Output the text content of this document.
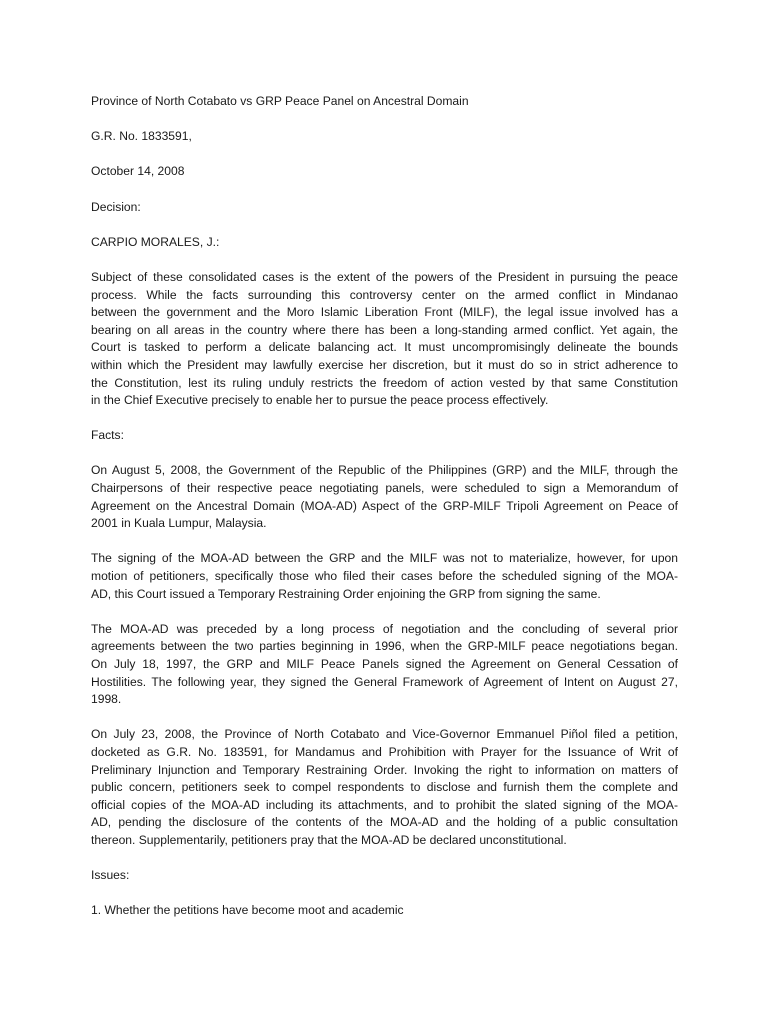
Province of North Cotabato vs GRP Peace Panel on Ancestral Domain

G.R. No. 1833591,

October 14, 2008

Decision:

CARPIO MORALES, J.:

Subject of these consolidated cases is the extent of the powers of the President in pursuing the peace
process. While the facts surrounding this controversy center on the armed conflict in Mindanao
between the government and the Moro Islamic Liberation Front (MILF), the legal issue involved has a
bearing on all areas in the country where there has been a long-standing armed conflict. Yet again, the
Court is tasked to perform a delicate balancing act. It must uncompromisingly delineate the bounds
within which the President may lawfully exercise her discretion, but it must do so in strict adherence to
the Constitution, lest its ruling unduly restricts the freedom of action vested by that same Constitution
in the Chief Executive precisely to enable her to pursue the peace process effectively.

Facts:

On August 5, 2008, the Government of the Republic of the Philippines (GRP) and the MILF, through the
Chairpersons of their respective peace negotiating panels, were scheduled to sign a Memorandum of
Agreement on the Ancestral Domain (MOA-AD) Aspect of the GRP-MILF Tripoli Agreement on Peace of
2001 in Kuala Lumpur, Malaysia.
The signing of the MOA-AD between the GRP and the MILF was not to materialize, however, for upon
motion of petitioners, specifically those who filed their cases before the scheduled signing of the MOA-
AD, this Court issued a Temporary Restraining Order enjoining the GRP from signing the same.
The MOA-AD was preceded by a long process of negotiation and the concluding of several prior
agreements between the two parties beginning in 1996, when the GRP-MILF peace negotiations began.
On July 18, 1997, the GRP and MILF Peace Panels signed the Agreement on General Cessation of
Hostilities. The following year, they signed the General Framework of Agreement of Intent on August 27,
1998.
On July 23, 2008, the Province of North Cotabato and Vice-Governor Emmanuel Piñol filed a petition,
docketed as G.R. No. 183591, for Mandamus and Prohibition with Prayer for the Issuance of Writ of
Preliminary Injunction and Temporary Restraining Order. Invoking the right to information on matters of
public concern, petitioners seek to compel respondents to disclose and furnish them the complete and
official copies of the MOA-AD including its attachments, and to prohibit the slated signing of the MOA-
AD, pending the disclosure of the contents of the MOA-AD and the holding of a public consultation
thereon. Supplementarily, petitioners pray that the MOA-AD be declared unconstitutional.

Issues:

1. Whether the petitions have become moot and academic
